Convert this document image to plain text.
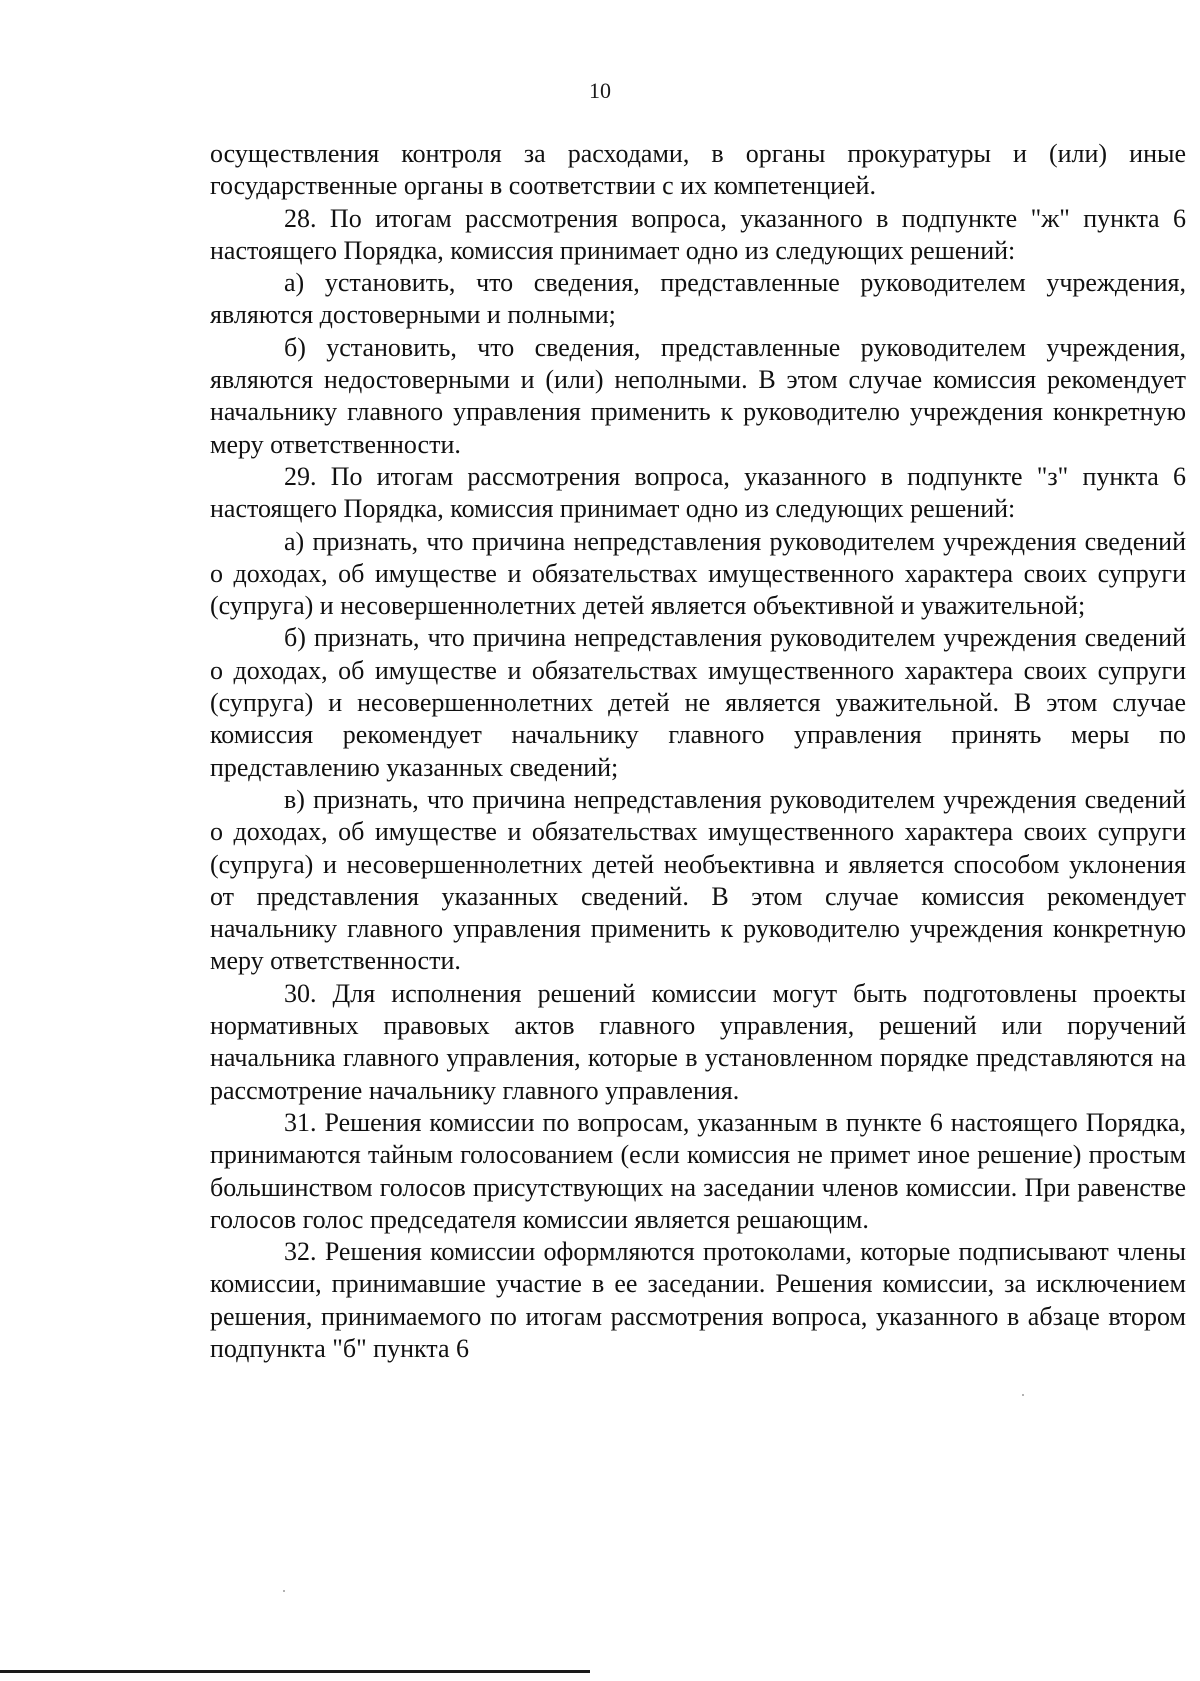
10

осуществления контроля за расходами, в органы прокуратуры и (или) иные государственные органы в соответствии с их компетенцией.

28. По итогам рассмотрения вопроса, указанного в подпункте "ж" пункта 6 настоящего Порядка, комиссия принимает одно из следующих решений:

а) установить, что сведения, представленные руководителем учреждения, являются достоверными и полными;

б) установить, что сведения, представленные руководителем учреждения, являются недостоверными и (или) неполными. В этом случае комиссия рекомендует начальнику главного управления применить к руководителю учреждения конкретную меру ответственности.

29. По итогам рассмотрения вопроса, указанного в подпункте "з" пункта 6 настоящего Порядка, комиссия принимает одно из следующих решений:

а) признать, что причина непредставления руководителем учреждения сведений о доходах, об имуществе и обязательствах имущественного характера своих супруги (супруга) и несовершеннолетних детей является объективной и уважительной;

б) признать, что причина непредставления руководителем учреждения сведений о доходах, об имуществе и обязательствах имущественного характера своих супруги (супруга) и несовершеннолетних детей не является уважительной. В этом случае комиссия рекомендует начальнику главного управления принять меры по представлению указанных сведений;

в) признать, что причина непредставления руководителем учреждения сведений о доходах, об имуществе и обязательствах имущественного характера своих супруги (супруга) и несовершеннолетних детей необъективна и является способом уклонения от представления указанных сведений. В этом случае комиссия рекомендует начальнику главного управления применить к руководителю учреждения конкретную меру ответственности.

30. Для исполнения решений комиссии могут быть подготовлены проекты нормативных правовых актов главного управления, решений или поручений начальника главного управления, которые в установленном порядке представляются на рассмотрение начальнику главного управления.

31. Решения комиссии по вопросам, указанным в пункте 6 настоящего Порядка, принимаются тайным голосованием (если комиссия не примет иное решение) простым большинством голосов присутствующих на заседании членов комиссии. При равенстве голосов голос председателя комиссии является решающим.

32. Решения комиссии оформляются протоколами, которые подписывают члены комиссии, принимавшие участие в ее заседании. Решения комиссии, за исключением решения, принимаемого по итогам рассмотрения вопроса, указанного в абзаце втором подпункта "б" пункта 6
